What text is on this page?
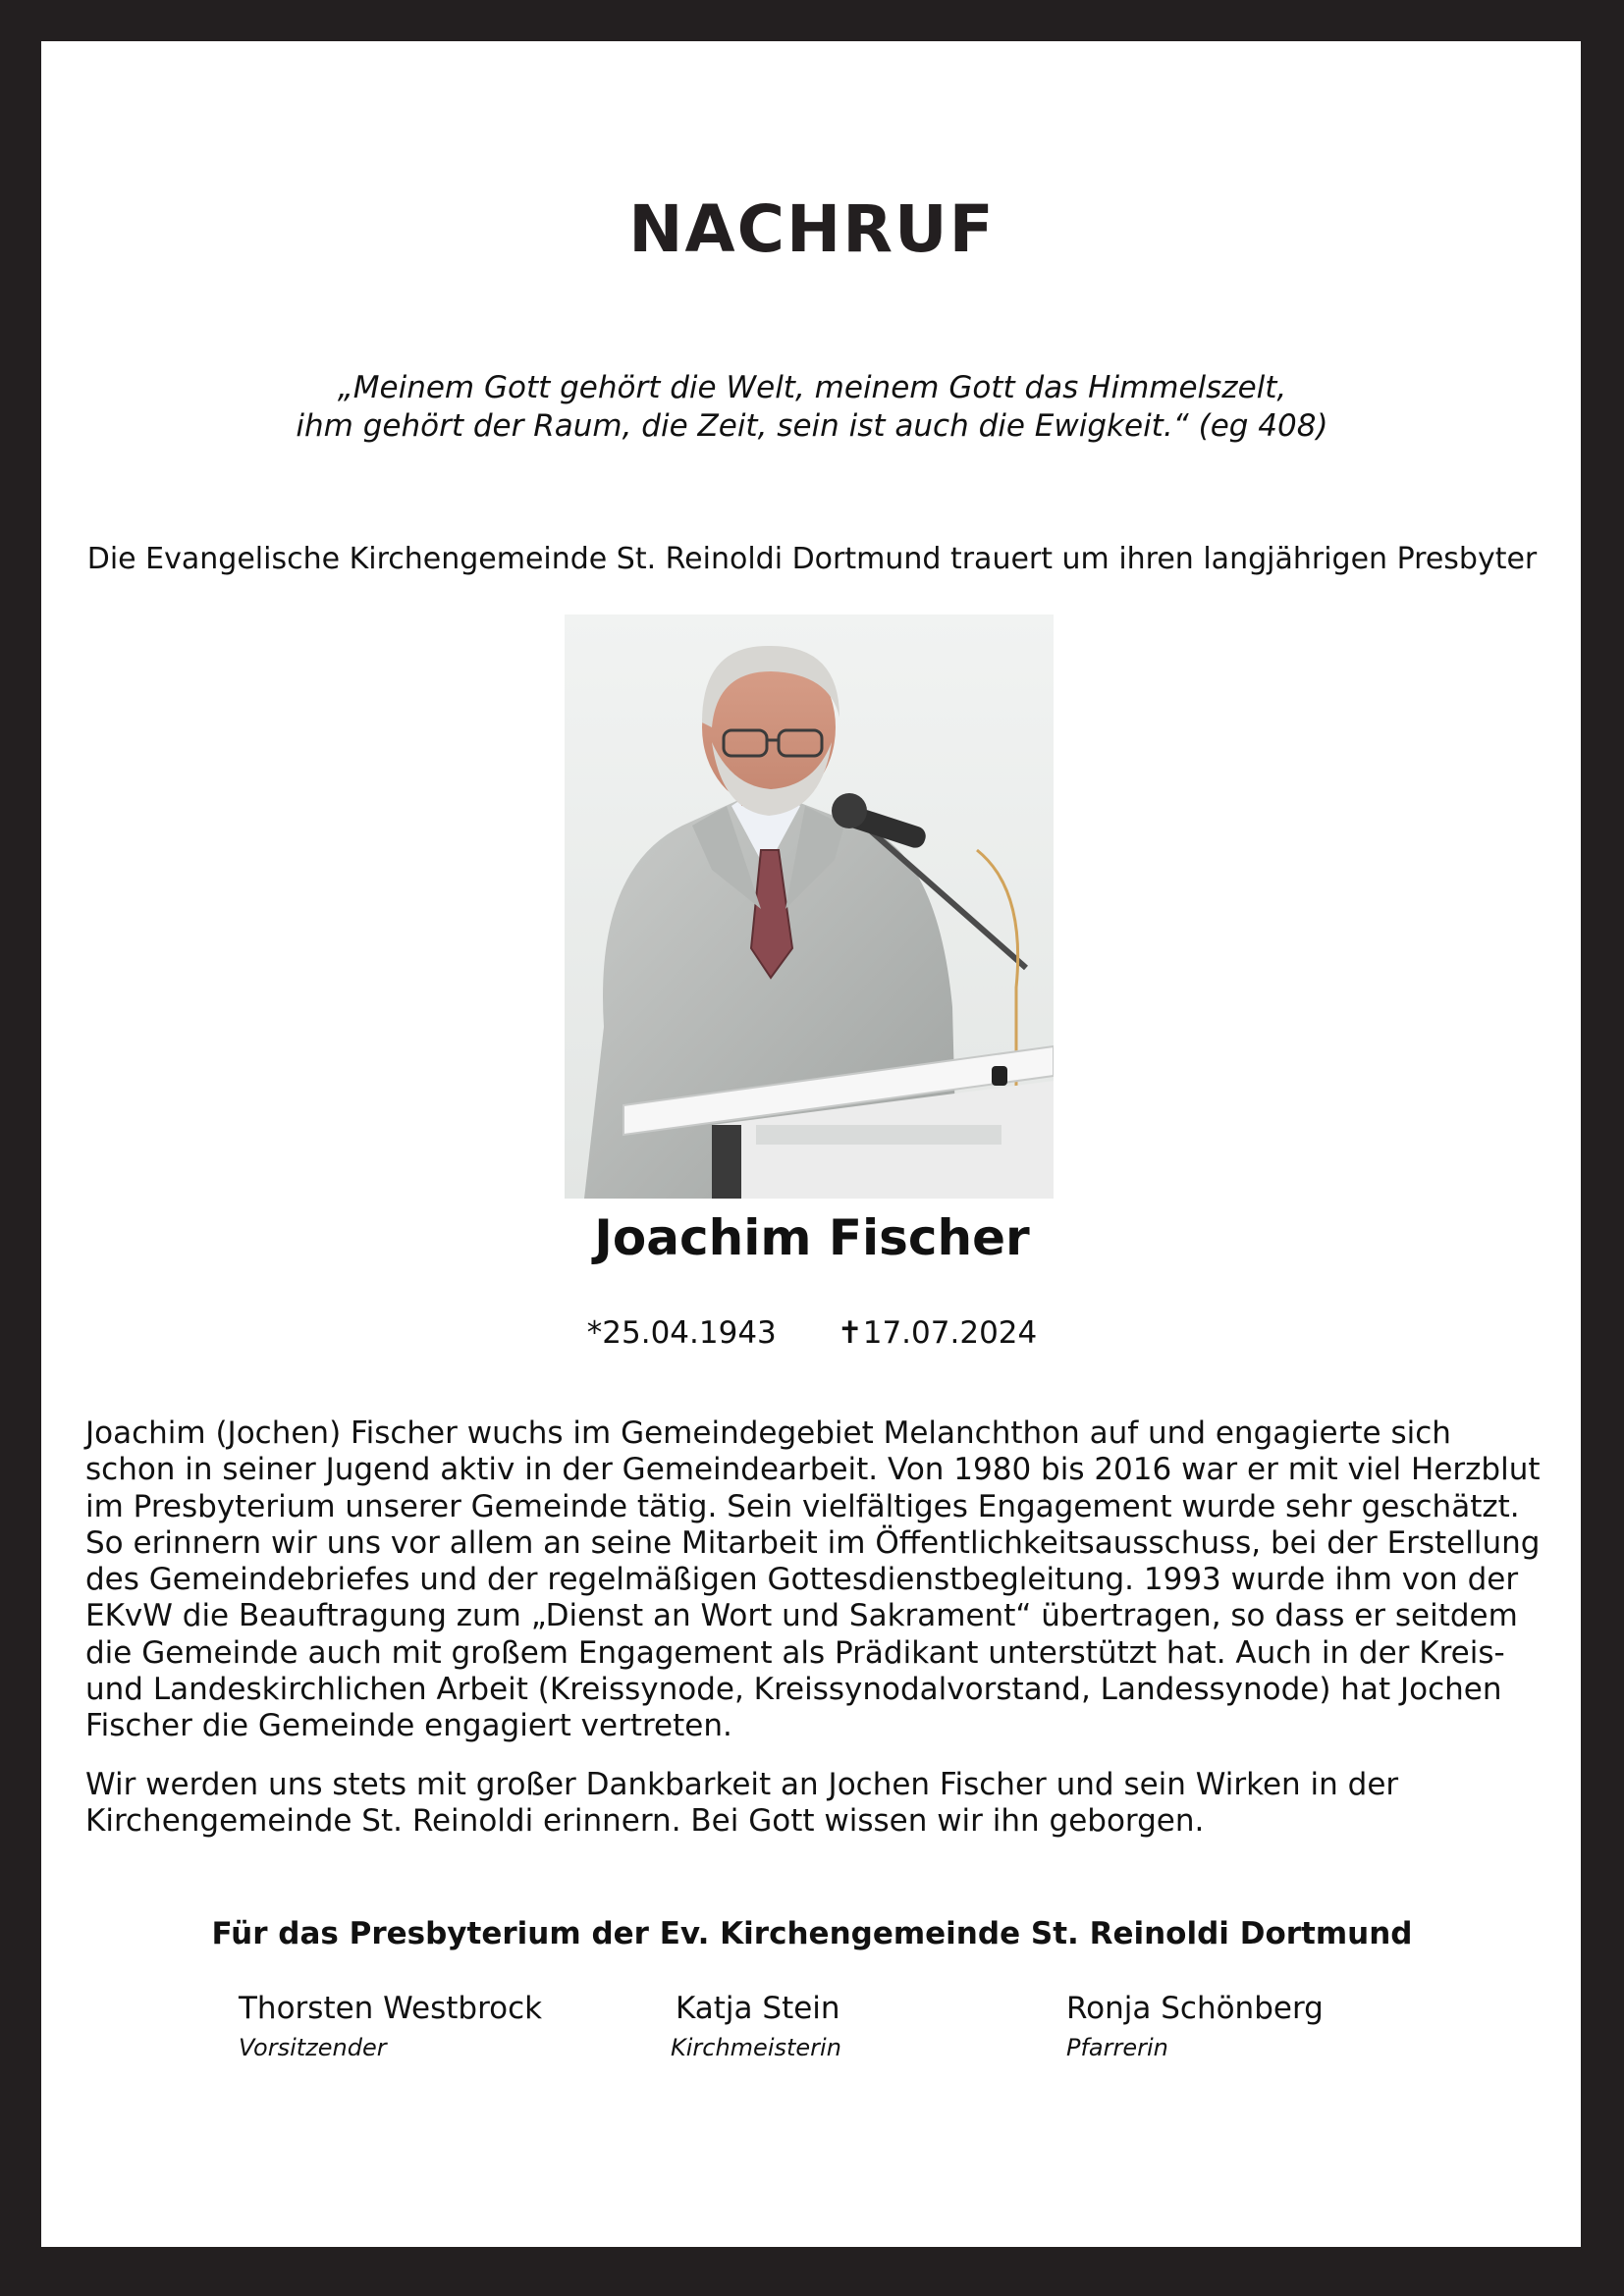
NACHRUF
„Meinem Gott gehört die Welt, meinem Gott das Himmelszelt,
ihm gehört der Raum, die Zeit, sein ist auch die Ewigkeit.“ (eg 408)
Die Evangelische Kirchengemeinde St. Reinoldi Dortmund trauert um ihren langjährigen Presbyter
Joachim Fischer
*25.04.1943 ✝17.07.2024

Joachim (Jochen) Fischer wuchs im Gemeindegebiet Melanchthon auf und engagierte sich
schon in seiner Jugend aktiv in der Gemeindearbeit. Von 1980 bis 2016 war er mit viel Herzblut
im Presbyterium unserer Gemeinde tätig. Sein vielfältiges Engagement wurde sehr geschätzt.
So erinnern wir uns vor allem an seine Mitarbeit im Öffentlichkeitsausschuss, bei der Erstellung
des Gemeindebriefes und der regelmäßigen Gottesdienstbegleitung. 1993 wurde ihm von der
EKvW die Beauftragung zum „Dienst an Wort und Sakrament“ übertragen, so dass er seitdem
die Gemeinde auch mit großem Engagement als Prädikant unterstützt hat. Auch in der Kreis-
und Landeskirchlichen Arbeit (Kreissynode, Kreissynodalvorstand, Landessynode) hat Jochen
Fischer die Gemeinde engagiert vertreten.

Wir werden uns stets mit großer Dankbarkeit an Jochen Fischer und sein Wirken in der
Kirchengemeinde St. Reinoldi erinnern. Bei Gott wissen wir ihn geborgen.

Für das Presbyterium der Ev. Kirchengemeinde St. Reinoldi Dortmund
Thorsten Westbrock
Vorsitzender
Katja Stein
Kirchmeisterin
Ronja Schönberg
Pfarrerin
